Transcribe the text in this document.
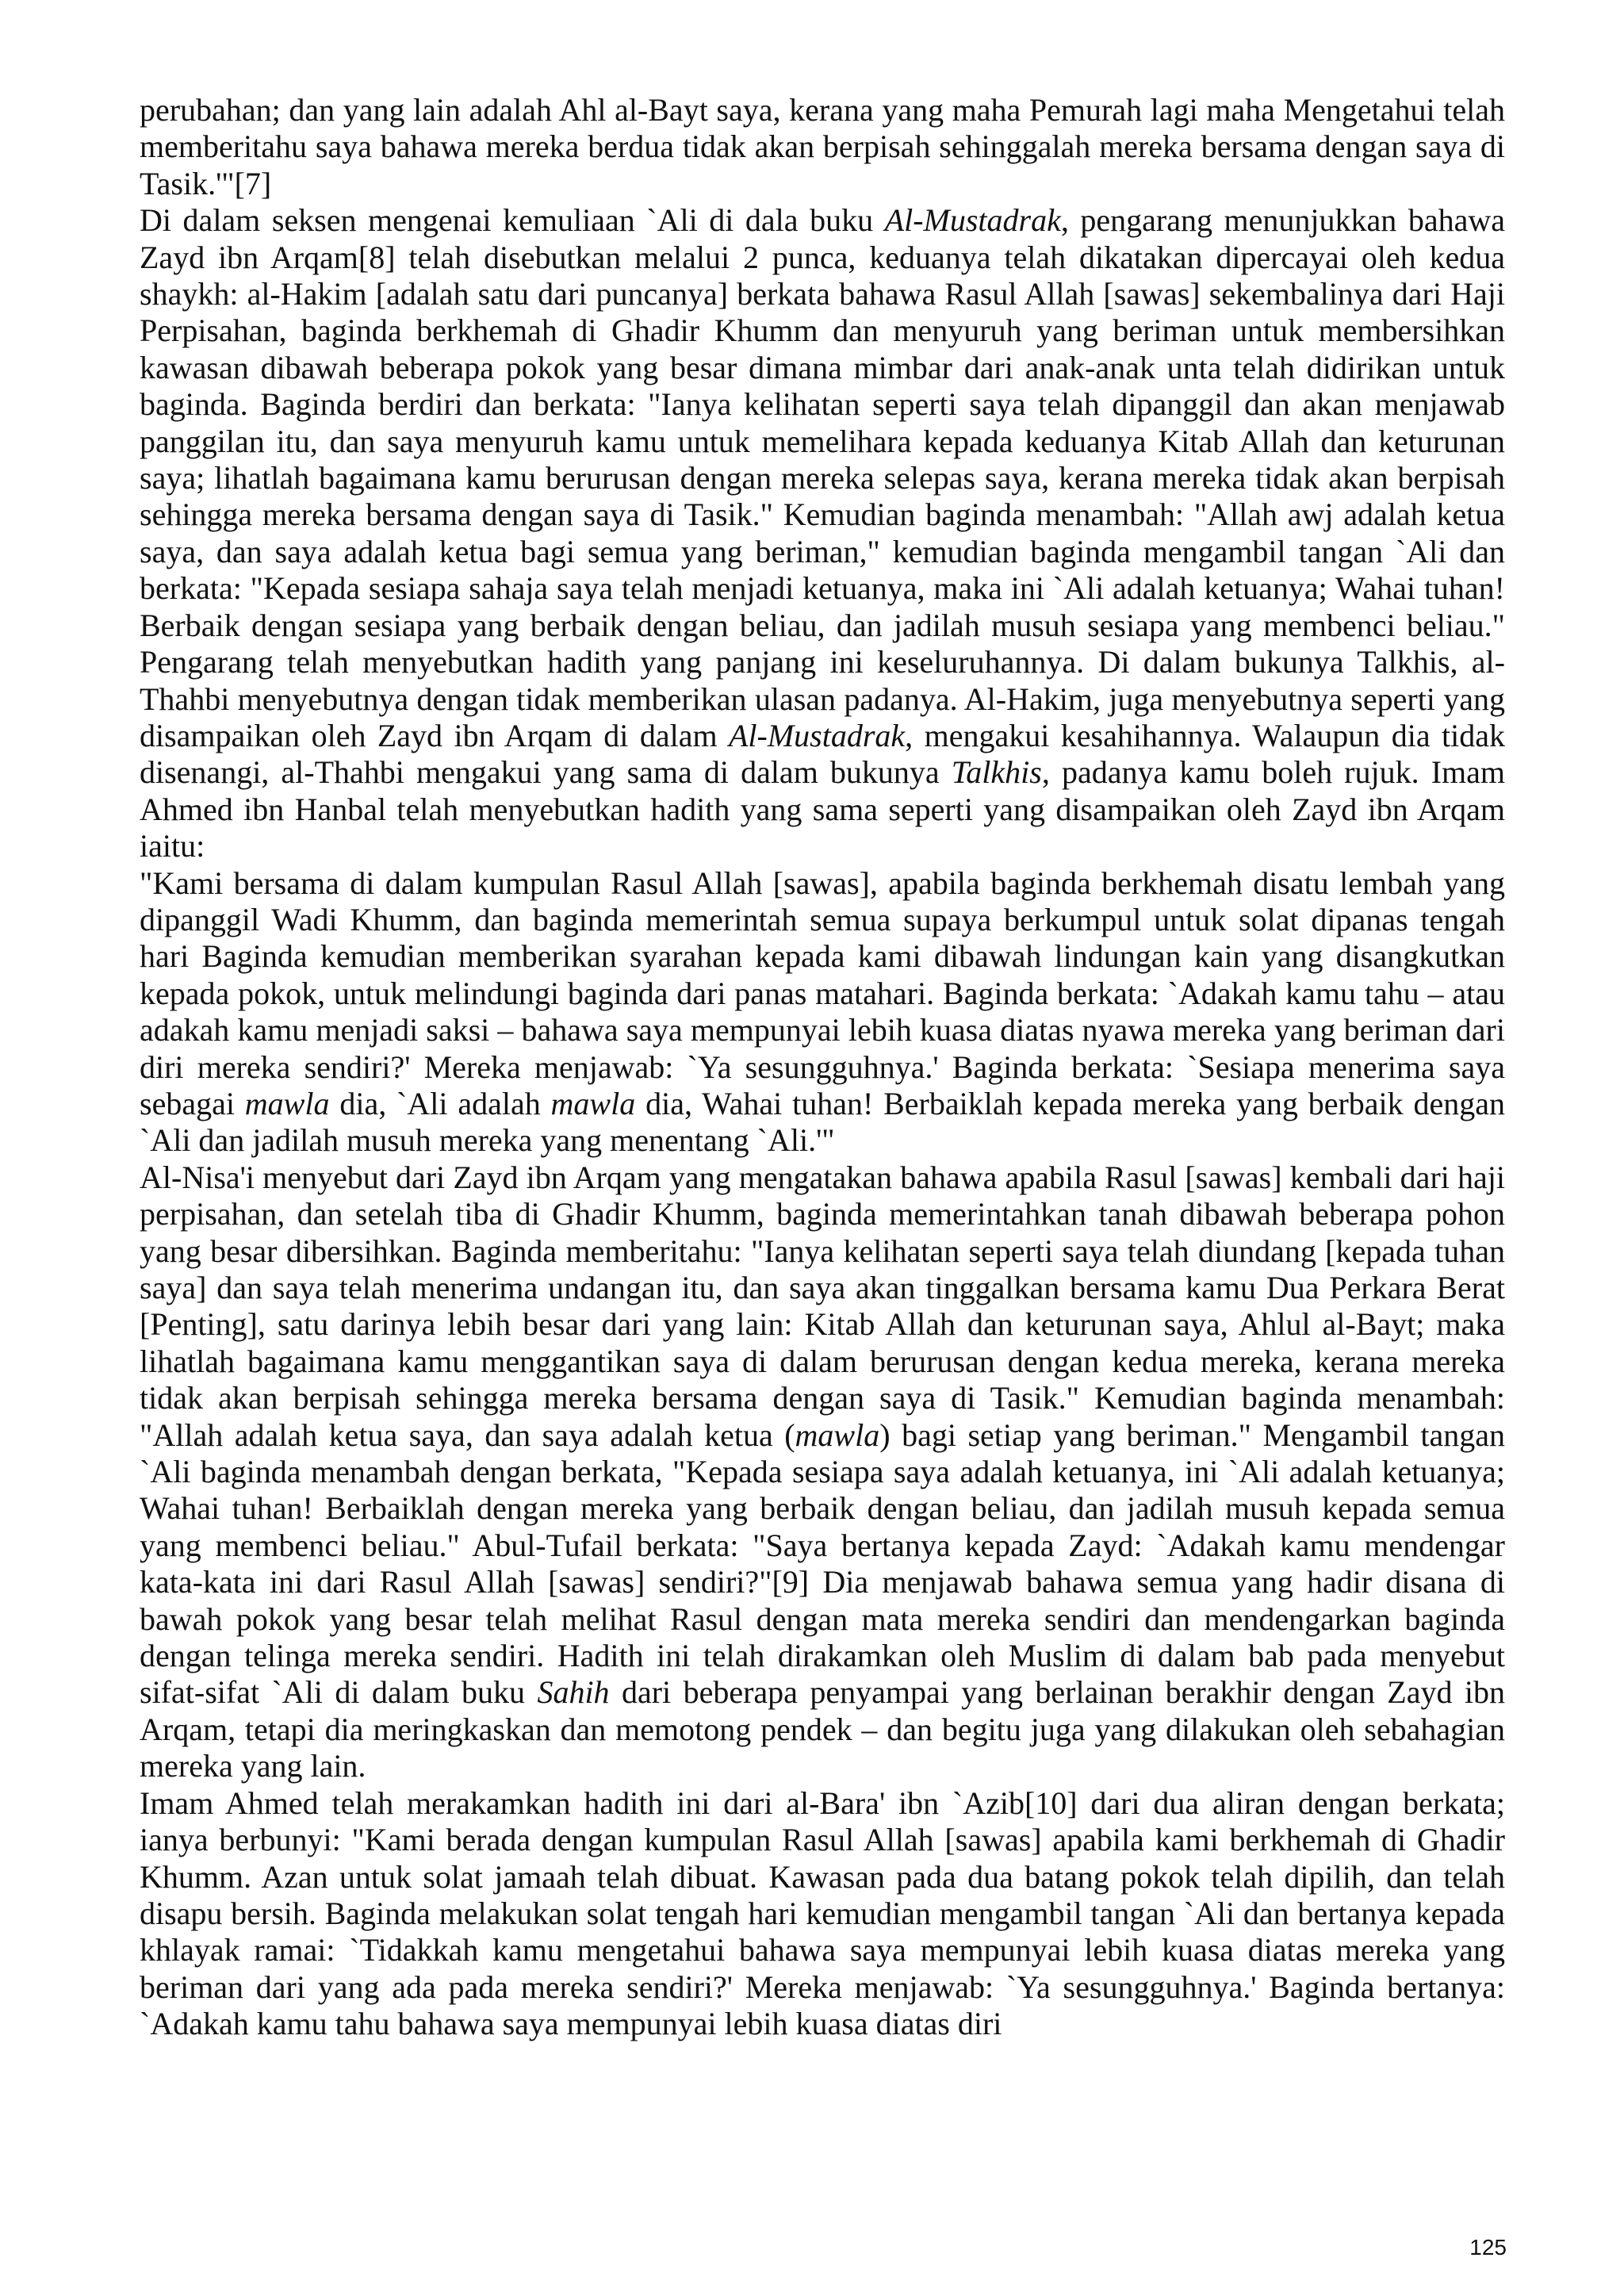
perubahan; dan yang lain adalah Ahl al-Bayt saya, kerana yang maha Pemurah lagi maha Mengetahui telah memberitahu saya bahawa mereka berdua tidak akan berpisah sehinggalah mereka bersama dengan saya di Tasik.'"[7]

Di dalam seksen mengenai kemuliaan `Ali di dala buku Al-Mustadrak, pengarang menunjukkan bahawa Zayd ibn Arqam[8] telah disebutkan melalui 2 punca, keduanya telah dikatakan dipercayai oleh kedua shaykh: al-Hakim [adalah satu dari puncanya] berkata bahawa Rasul Allah [sawas] sekembalinya dari Haji Perpisahan, baginda berkhemah di Ghadir Khumm dan menyuruh yang beriman untuk membersihkan kawasan dibawah beberapa pokok yang besar dimana mimbar dari anak-anak unta telah didirikan untuk baginda. Baginda berdiri dan berkata: "Ianya kelihatan seperti saya telah dipanggil dan akan menjawab panggilan itu, dan saya menyuruh kamu untuk memelihara kepada keduanya Kitab Allah dan keturunan saya; lihatlah bagaimana kamu berurusan dengan mereka selepas saya, kerana mereka tidak akan berpisah sehingga mereka bersama dengan saya di Tasik." Kemudian baginda menambah: "Allah awj adalah ketua saya, dan saya adalah ketua bagi semua yang beriman," kemudian baginda mengambil tangan `Ali dan berkata: "Kepada sesiapa sahaja saya telah menjadi ketuanya, maka ini `Ali adalah ketuanya; Wahai tuhan! Berbaik dengan sesiapa yang berbaik dengan beliau, dan jadilah musuh sesiapa yang membenci beliau." Pengarang telah menyebutkan hadith yang panjang ini keseluruhannya. Di dalam bukunya Talkhis, al-Thahbi menyebutnya dengan tidak memberikan ulasan padanya. Al-Hakim, juga menyebutnya seperti yang disampaikan oleh Zayd ibn Arqam di dalam Al-Mustadrak, mengakui kesahihannya. Walaupun dia tidak disenangi, al-Thahbi mengakui yang sama di dalam bukunya Talkhis, padanya kamu boleh rujuk. Imam Ahmed ibn Hanbal telah menyebutkan hadith yang sama seperti yang disampaikan oleh Zayd ibn Arqam iaitu:

"Kami bersama di dalam kumpulan Rasul Allah [sawas], apabila baginda berkhemah disatu lembah yang dipanggil Wadi Khumm, dan baginda memerintah semua supaya berkumpul untuk solat dipanas tengah hari Baginda kemudian memberikan syarahan kepada kami dibawah lindungan kain yang disangkutkan kepada pokok, untuk melindungi baginda dari panas matahari. Baginda berkata: `Adakah kamu tahu – atau adakah kamu menjadi saksi – bahawa saya mempunyai lebih kuasa diatas nyawa mereka yang beriman dari diri mereka sendiri?' Mereka menjawab: `Ya sesungguhnya.' Baginda berkata: `Sesiapa menerima saya sebagai mawla dia, `Ali adalah mawla dia, Wahai tuhan! Berbaiklah kepada mereka yang berbaik dengan `Ali dan jadilah musuh mereka yang menentang `Ali.'"

Al-Nisa'i menyebut dari Zayd ibn Arqam yang mengatakan bahawa apabila Rasul [sawas] kembali dari haji perpisahan, dan setelah tiba di Ghadir Khumm, baginda memerintahkan tanah dibawah beberapa pohon yang besar dibersihkan. Baginda memberitahu: "Ianya kelihatan seperti saya telah diundang [kepada tuhan saya] dan saya telah menerima undangan itu, dan saya akan tinggalkan bersama kamu Dua Perkara Berat [Penting], satu darinya lebih besar dari yang lain: Kitab Allah dan keturunan saya, Ahlul al-Bayt; maka lihatlah bagaimana kamu menggantikan saya di dalam berurusan dengan kedua mereka, kerana mereka tidak akan berpisah sehingga mereka bersama dengan saya di Tasik." Kemudian baginda menambah: "Allah adalah ketua saya, dan saya adalah ketua (mawla) bagi setiap yang beriman." Mengambil tangan `Ali baginda menambah dengan berkata, "Kepada sesiapa saya adalah ketuanya, ini `Ali adalah ketuanya; Wahai tuhan! Berbaiklah dengan mereka yang berbaik dengan beliau, dan jadilah musuh kepada semua yang membenci beliau." Abul-Tufail berkata: "Saya bertanya kepada Zayd: `Adakah kamu mendengar kata-kata ini dari Rasul Allah [sawas] sendiri?"[9] Dia menjawab bahawa semua yang hadir disana di bawah pokok yang besar telah melihat Rasul dengan mata mereka sendiri dan mendengarkan baginda dengan telinga mereka sendiri. Hadith ini telah dirakamkan oleh Muslim di dalam bab pada menyebut sifat-sifat `Ali di dalam buku Sahih dari beberapa penyampai yang berlainan berakhir dengan Zayd ibn Arqam, tetapi dia meringkaskan dan memotong pendek – dan begitu juga yang dilakukan oleh sebahagian mereka yang lain.

Imam Ahmed telah merakamkan hadith ini dari al-Bara' ibn `Azib[10] dari dua aliran dengan berkata; ianya berbunyi: "Kami berada dengan kumpulan Rasul Allah [sawas] apabila kami berkhemah di Ghadir Khumm. Azan untuk solat jamaah telah dibuat. Kawasan pada dua batang pokok telah dipilih, dan telah disapu bersih. Baginda melakukan solat tengah hari kemudian mengambil tangan `Ali dan bertanya kepada khlayak ramai: `Tidakkah kamu mengetahui bahawa saya mempunyai lebih kuasa diatas mereka yang beriman dari yang ada pada mereka sendiri?' Mereka menjawab: `Ya sesungguhnya.' Baginda bertanya: `Adakah kamu tahu bahawa saya mempunyai lebih kuasa diatas diri

125
